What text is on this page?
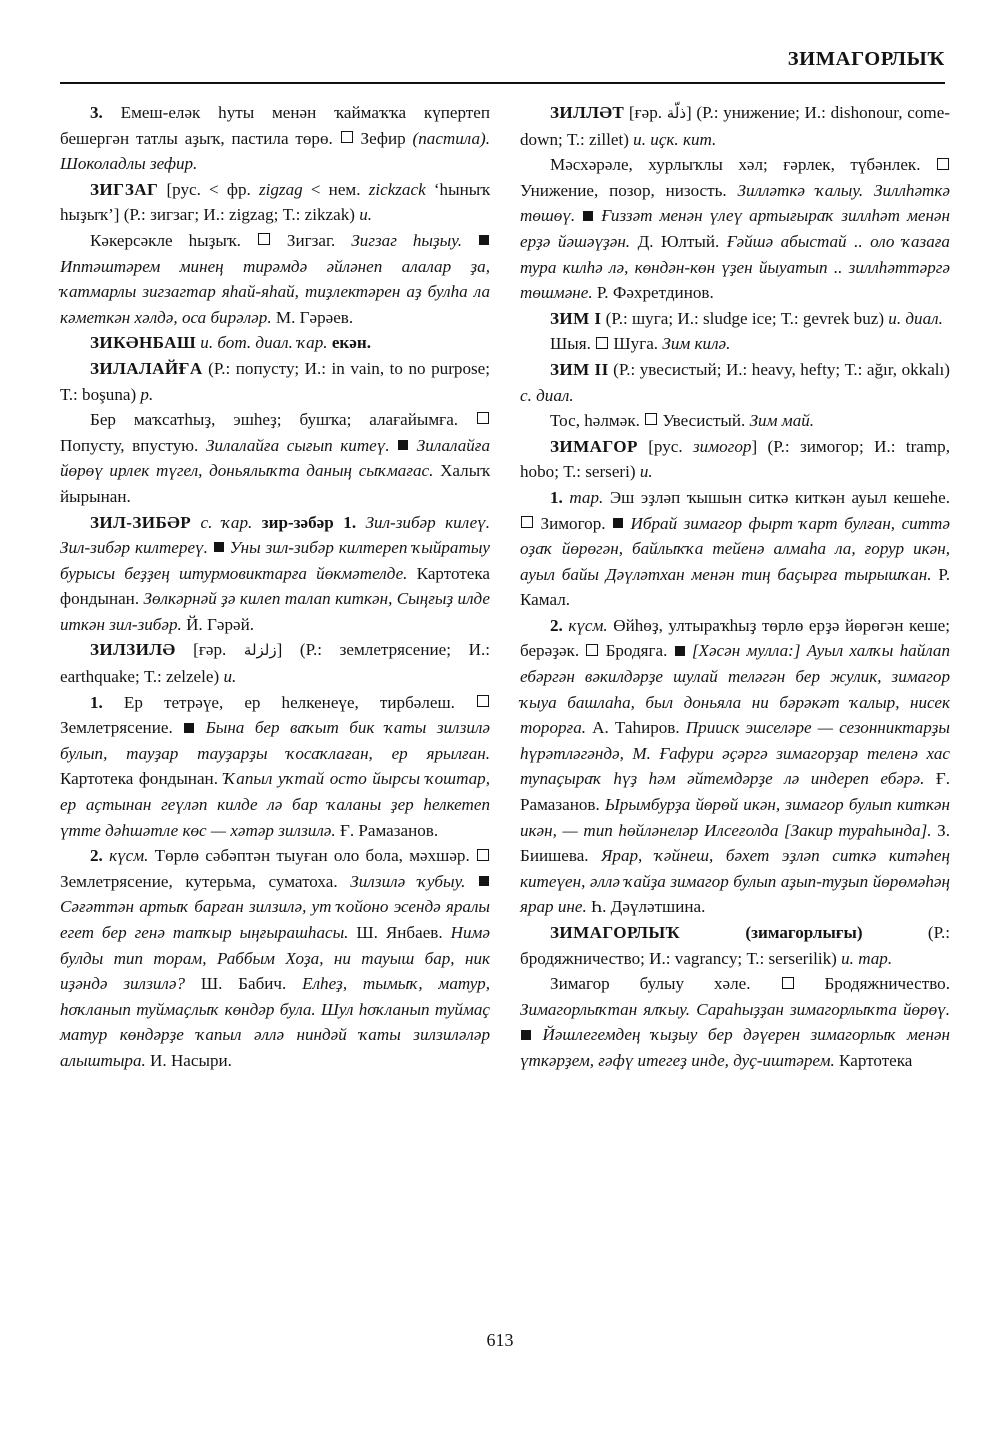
ЗИМАГОРЛЫҠ

3. Емеш-еләк һуты менән ҡаймаҡҡа күпертеп бешергән татлы аҙыҡ, пастила төрө.  Зефир (пастила). Шоколадлы зефир.

ЗИГЗАГ [рус. < фр. zigzag < нем. zickzack ‘һыныҡ һыҙыҡ’] (Р.: зигзаг; И.: zigzag; Т.: zikzak) и.

Кәкерсәкле һыҙыҡ.  Зигзаг. Зигзаг һыҙыу.  Иптәштәрем минең тирәмдә әйләнеп алалар ҙа, ҡатмарлы зигзагтар яһай-яһай, тиҙлектәрен аҙ булһа ла кәметкән хәлдә, оса бирәләр. М. Гәрәев.

ЗИКӘНБАШ и. бот. диал. ҡар. екән.

ЗИЛАЛАЙҒА (Р.: попусту; И.: in vain, to no purpose; Т.: boşuna) р.

Бер маҡсатһыҙ, эшһеҙ; бушҡа; алағайымға.  Попусту, впустую. Зилалайға сығып китеү.  Зилалайға йөрөү ирлек түгел, доньялыҡта даның сыҡмағас. Халыҡ йырынан.

ЗИЛ-ЗИБӘР с. ҡар. зир-зәбәр 1. Зил-зибәр килеү. Зил-зибәр килтереү.  Уны зил-зибәр килтереп ҡыйратыу бурысы беҙҙең штурмовиктарға йөкмәтелде. Картотека фондынан. Зөлкәрнәй ҙә килеп талап киткән, Сыңғыҙ илде иткән зил-зибәр. Й. Гәрәй.

ЗИЛЗИЛӘ [ғәр. زلزلة] (Р.: землетрясение; И.: earthquake; Т.: zelzele) и.

1. Ер тетрәүе, ер һелкенеүе, тирбәлеш.  Землетрясение.  Бына бер ваҡыт бик ҡаты зилзилә булып, тауҙар тауҙарҙы ҡосаҡлаған, ер ярылған. Картотека фондынан. Ҡапыл уҡтай осто йырсы ҡоштар, ер аҫтынан геүләп килде лә бар ҡаланы ҙер һелкетеп үтте дәһшәтле көс — хәтәр зилзилә. Ғ. Рамазанов.

2. күсм. Төрлө сәбәптән тыуған оло бола, мәхшәр.  Землетрясение, кутерьма, суматоха. Зилзилә ҡубыу.  Сәғәттән артыҡ барған зилзилә, ут ҡойоно эсендә яралы егет бер генә тапҡыр ыңғырашһасы. Ш. Янбаев. Нимә булды тип торам, Раббым Хоҙа, ни тауыш бар, ник иҙәндә зилзилә? Ш. Бабич. Елһеҙ, тымыҡ, матур, һоҡланып туймаҫлыҡ көндәр була. Шул һоҡланып туймаҫ матур көндәрҙе ҡапыл әллә ниндәй ҡаты зилзиләләр алыштыра. И. Насыри.

ЗИЛЛӘТ [ғәр. ذلّة] (Р.: унижение; И.: dishonour, come-down; Т.: zillet) и. иҫк. кит.

Мәсхәрәле, хурлыҡлы хәл; ғәрлек, түбәнлек.  Унижение, позор, низость. Зилләткә ҡалыу. Зиллһәткә төшөү.  Ғиззәт менән үлеү артығыраҡ зиллһәт менән ерҙә йәшәүҙән. Д. Юлтый. Ғәйшә абыстай .. оло ҡазаға тура килһә лә, көндән-көн үҙен йыуатып .. зиллһәттәргә төшмәне. Р. Фәхретдинов.

ЗИМ I (Р.: шуга; И.: sludge ice; Т.: gevrek buz) и. диал.

Шыя.  Шуга. Зим килә.

ЗИМ II (Р.: увесистый; И.: heavy, hefty; Т.: ağır, okkalı) с. диал.

Тос, һәлмәк.  Увесистый. Зим май.

ЗИМАГОР [рус. зимогор] (Р.: зимогор; И.: tramp, hobo; Т.: serseri) и.

1. тар. Эш эҙләп ҡышын ситкә киткән ауыл кешеһе.  Зимогор.  Ибрай зимагор фырт ҡарт булған, ситтә оҙаҡ йөрөгән, байлыҡҡа тейенә алмаһа ла, ғорур икән, ауыл байы Дәүләтхан менән тиң баҫырға тырышҡан. Р. Камал.

2. күсм. Өйһөҙ, ултыраҡһыҙ төрлө ерҙә йөрөгән кеше; берәҙәк.  Бродяга.  [Хәсән мулла:] Ауыл халҡы һайлап ебәргән вәкилдәрҙе шулай теләгән бер жулик, зимагор ҡыуа башлаһа, был доньяла ни бәрәкәт ҡалыр, нисек торорға. А. Таһиров. Прииск эшселәре — сезонниктарҙы һүрәтләгәндә, М. Ғафури әҫәргә зимагорҙар теленә хас тупаҫыраҡ һүҙ һәм әйтемдәрҙе лә индереп ебәрә. Ғ. Рамазанов. Ырымбурҙа йөрөй икән, зимагор булып киткән икән, — тип һөйләнеләр Илсеғолда [Закир тураһында]. З. Биишева. Ярар, ҡәйнеш, бәхет эҙләп ситкә китәһең китеүен, әллә ҡайҙа зимагор булып аҙып-туҙып йөрөмәһәң ярар ине. Һ. Дәүләтшина.

ЗИМАГОРЛЫҠ (зимагорлығы) (Р.: бродяжничество; И.: vagrancy; Т.: serserilik) и. тар.

Зимагор булыу хәле.  Бродяжничество. Зимагорлыҡтан ялҡыу. Сараһыҙҙан зимагорлыҡта йөрөү.  Йәшлегемдең ҡыҙыу бер дәүерен зимагорлыҡ менән үткәрҙем, ғәфү итегеҙ инде, дуҫ-иштәрем. Картотека

613
